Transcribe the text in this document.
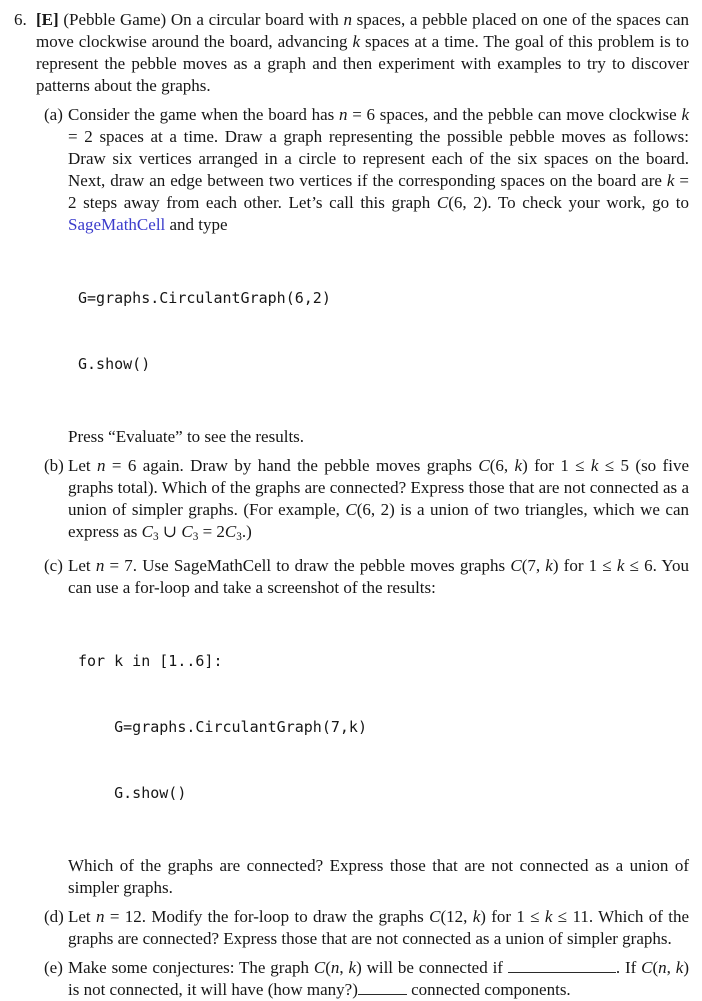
6. [E] (Pebble Game) On a circular board with n spaces, a pebble placed on one of the spaces can move clockwise around the board, advancing k spaces at a time. The goal of this problem is to represent the pebble moves as a graph and then experiment with examples to try to discover patterns about the graphs.

(a) Consider the game when the board has n = 6 spaces, and the pebble can move clockwise k = 2 spaces at a time. Draw a graph representing the possible pebble moves as follows: Draw six vertices arranged in a circle to represent each of the six spaces on the board. Next, draw an edge between two vertices if the corresponding spaces on the board are k = 2 steps away from each other. Let’s call this graph C(6, 2). To check your work, go to SageMathCell and type

G=graphs.CirculantGraph(6,2)

G.show()

Press “Evaluate” to see the results.

(b) Let n = 6 again. Draw by hand the pebble moves graphs C(6, k) for 1 ≤ k ≤ 5 (so five graphs total). Which of the graphs are connected? Express those that are not connected as a union of simpler graphs. (For example, C(6, 2) is a union of two triangles, which we can express as C3 ∪ C3 = 2C3.)

(c) Let n = 7. Use SageMathCell to draw the pebble moves graphs C(7, k) for 1 ≤ k ≤ 6. You can use a for-loop and take a screenshot of the results:

for k in [1..6]:

G=graphs.CirculantGraph(7,k)

G.show()

Which of the graphs are connected? Express those that are not connected as a union of simpler graphs.

(d) Let n = 12. Modify the for-loop to draw the graphs C(12, k) for 1 ≤ k ≤ 11. Which of the graphs are connected? Express those that are not connected as a union of simpler graphs.

(e) Make some conjectures: The graph C(n, k) will be connected if	. If C(n, k) is not connected, it will have (how many?)	connected components.
